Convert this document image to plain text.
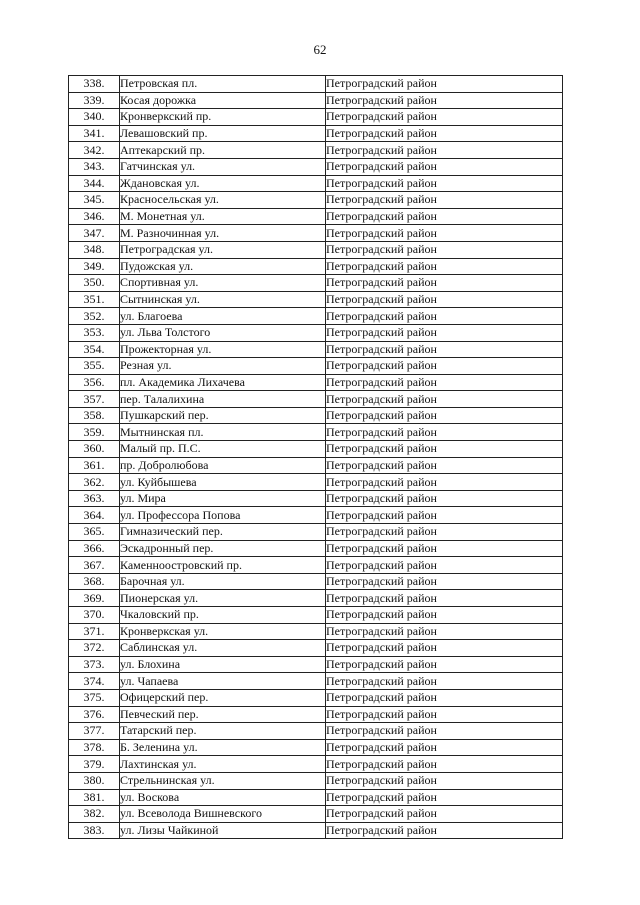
62
338.	Петровская пл.	Петроградский район
339.	Косая дорожка	Петроградский район
340.	Кронверкский пр.	Петроградский район
341.	Левашовский пр.	Петроградский район
342.	Аптекарский пр.	Петроградский район
343.	Гатчинская ул.	Петроградский район
344.	Ждановская ул.	Петроградский район
345.	Красносельская ул.	Петроградский район
346.	М. Монетная ул.	Петроградский район
347.	М. Разночинная ул.	Петроградский район
348.	Петроградская ул.	Петроградский район
349.	Пудожская ул.	Петроградский район
350.	Спортивная ул.	Петроградский район
351.	Сытнинская ул.	Петроградский район
352.	ул. Благоева	Петроградский район
353.	ул. Льва Толстого	Петроградский район
354.	Прожекторная ул.	Петроградский район
355.	Резная ул.	Петроградский район
356.	пл. Академика Лихачева	Петроградский район
357.	пер. Талалихина	Петроградский район
358.	Пушкарский пер.	Петроградский район
359.	Мытнинская пл.	Петроградский район
360.	Малый пр. П.С.	Петроградский район
361.	пр. Добролюбова	Петроградский район
362.	ул. Куйбышева	Петроградский район
363.	ул. Мира	Петроградский район
364.	ул. Профессора Попова	Петроградский район
365.	Гимназический пер.	Петроградский район
366.	Эскадронный пер.	Петроградский район
367.	Каменноостровский пр.	Петроградский район
368.	Барочная ул.	Петроградский район
369.	Пионерская ул.	Петроградский район
370.	Чкаловский пр.	Петроградский район
371.	Кронверкская ул.	Петроградский район
372.	Саблинская ул.	Петроградский район
373.	ул. Блохина	Петроградский район
374.	ул. Чапаева	Петроградский район
375.	Офицерский пер.	Петроградский район
376.	Певческий пер.	Петроградский район
377.	Татарский пер.	Петроградский район
378.	Б. Зеленина ул.	Петроградский район
379.	Лахтинская ул.	Петроградский район
380.	Стрельнинская ул.	Петроградский район
381.	ул. Воскова	Петроградский район
382.	ул. Всеволода Вишневского	Петроградский район
383.	ул. Лизы Чайкиной	Петроградский район
